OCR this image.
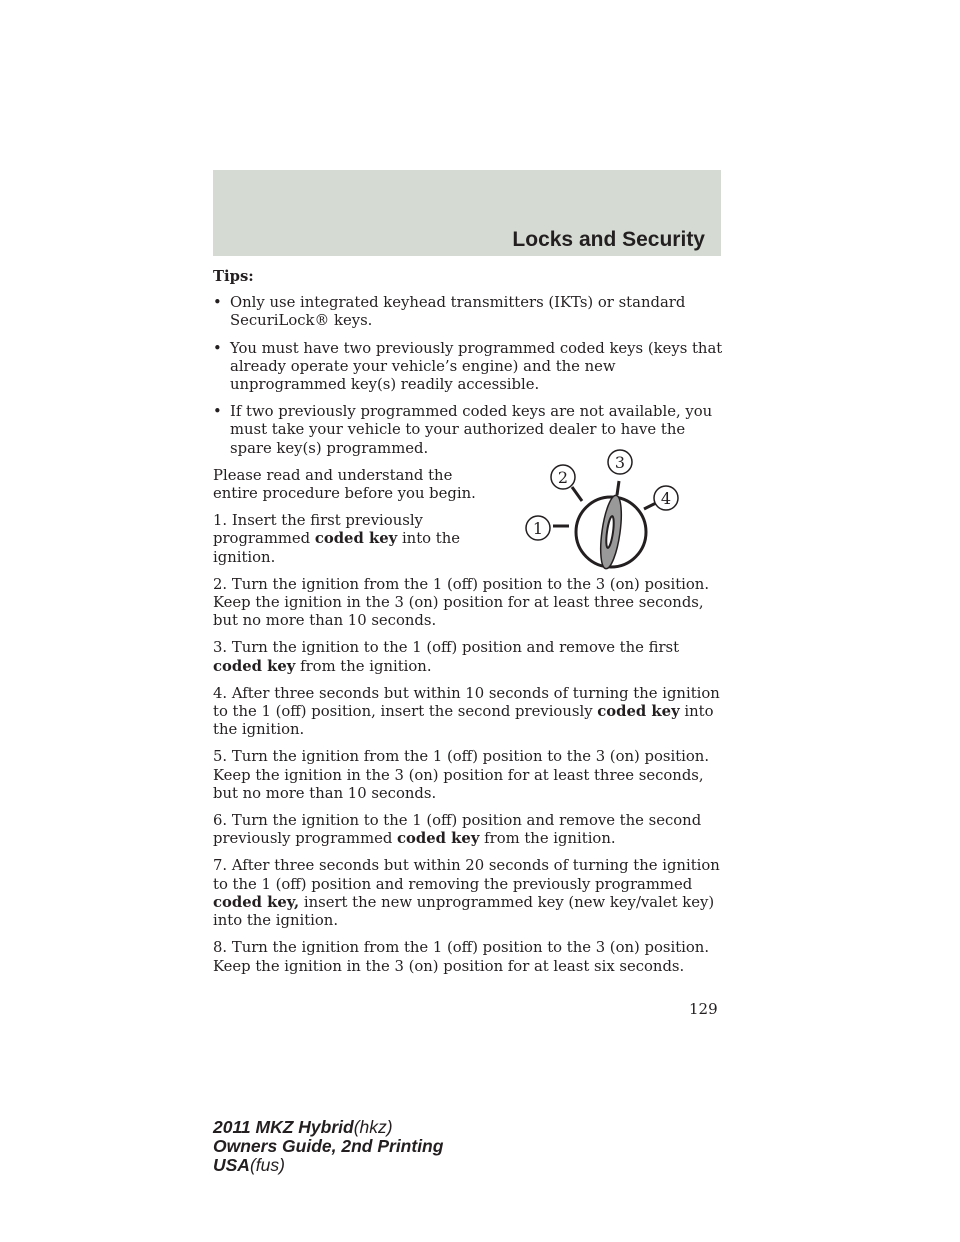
Locks and Security

Tips:

• Only use integrated keyhead transmitters (IKTs) or standard SecuriLock® keys.
• You must have two previously programmed coded keys (keys that already operate your vehicle’s engine) and the new unprogrammed key(s) readily accessible.
• If two previously programmed coded keys are not available, you must take your vehicle to your authorized dealer to have the spare key(s) programmed.

Please read and understand the entire procedure before you begin.

1. Insert the first previously programmed coded key into the ignition.

2. Turn the ignition from the 1 (off) position to the 3 (on) position. Keep the ignition in the 3 (on) position for at least three seconds, but no more than 10 seconds.

3. Turn the ignition to the 1 (off) position and remove the first coded key from the ignition.

4. After three seconds but within 10 seconds of turning the ignition to the 1 (off) position, insert the second previously coded key into the ignition.

5. Turn the ignition from the 1 (off) position to the 3 (on) position. Keep the ignition in the 3 (on) position for at least three seconds, but no more than 10 seconds.

6. Turn the ignition to the 1 (off) position and remove the second previously programmed coded key from the ignition.

7. After three seconds but within 20 seconds of turning the ignition to the 1 (off) position and removing the previously programmed coded key, insert the new unprogrammed key (new key/valet key) into the ignition.

8. Turn the ignition from the 1 (off) position to the 3 (on) position. Keep the ignition in the 3 (on) position for at least six seconds.

1
2
3
4
129
2011 MKZ Hybrid(hkz)
Owners Guide, 2nd Printing
USA(fus)
